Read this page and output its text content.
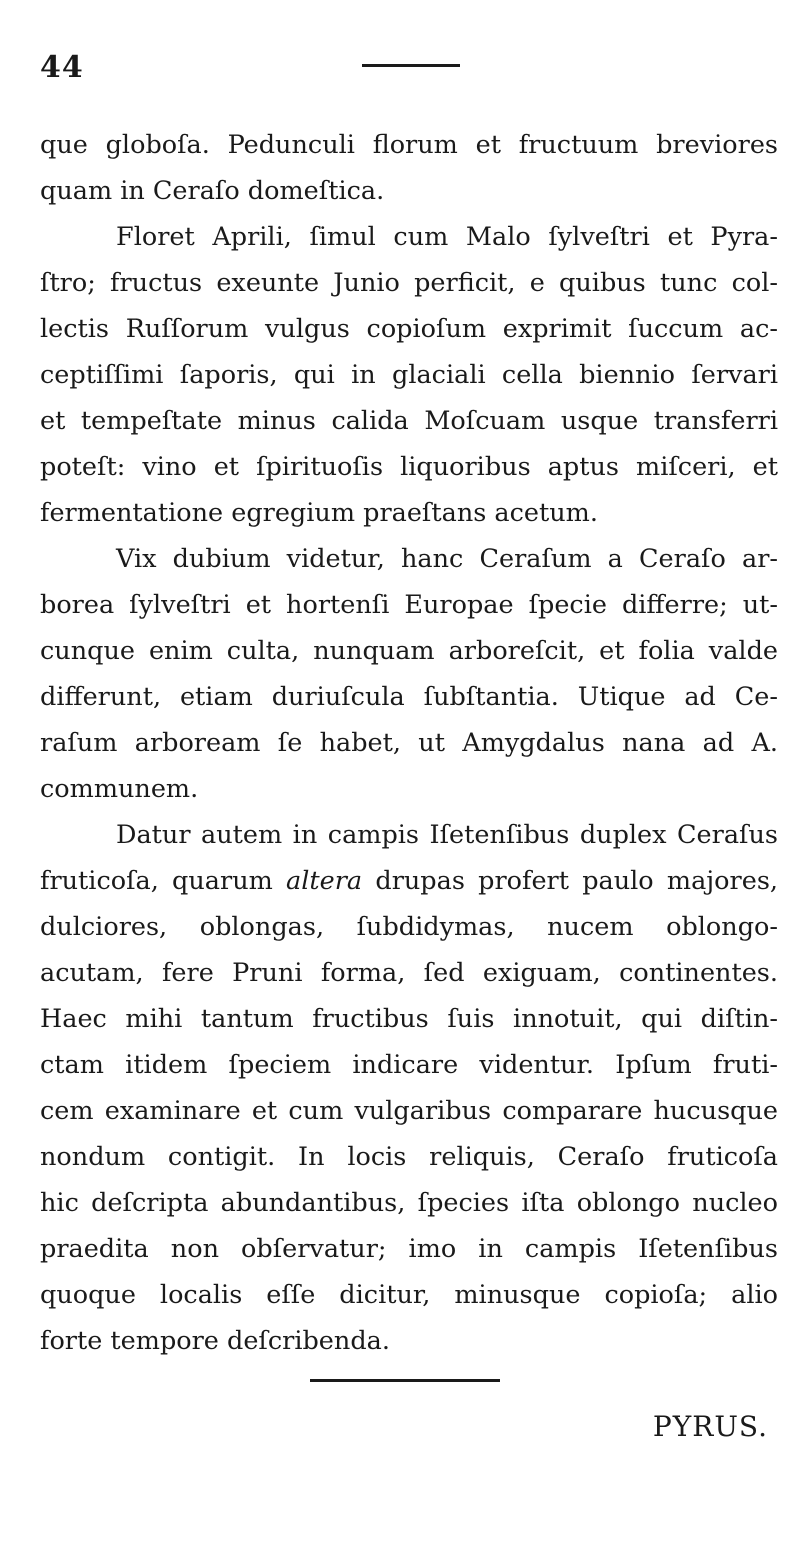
44
que globoſa. Pedunculi florum et fructuum breviores
quam in Ceraſo domeſtica.
Floret Aprili, ſimul cum Malo ſylveſtri et Pyra-
ſtro; fructus exeunte Junio perficit, e quibus tunc col-
lectis Ruſſorum vulgus copioſum exprimit ſuccum ac-
ceptiſſimi ſaporis, qui in glaciali cella biennio ſervari
et tempeſtate minus calida Moſcuam usque transferri
poteſt: vino et ſpirituoſis liquoribus aptus miſceri, et
fermentatione egregium praeſtans acetum.
Vix dubium videtur, hanc Ceraſum a Ceraſo ar-
borea ſylveſtri et hortenſi Europae ſpecie differre; ut-
cunque enim culta, nunquam arboreſcit, et folia valde
differunt, etiam duriuſcula ſubſtantia. Utique ad Ce-
raſum arboream ſe habet, ut Amygdalus nana ad A.
communem.
Datur autem in campis Iſetenſibus duplex Ceraſus
fruticoſa, quarum altera drupas profert paulo majores,
dulciores, oblongas, ſubdidymas, nucem oblongo-
acutam, fere Pruni forma, ſed exiguam, continentes.
Haec mihi tantum fructibus ſuis innotuit, qui diſtin-
ctam itidem ſpeciem indicare videntur. Ipſum fruti-
cem examinare et cum vulgaribus comparare hucusque
nondum contigit. In locis reliquis, Ceraſo fruticoſa
hic deſcripta abundantibus, ſpecies iſta oblongo nucleo
praedita non obſervatur; imo in campis Iſetenſibus
quoque localis eſſe dicitur, minusque copioſa; alio
forte tempore deſcribenda.
PYRUS.
